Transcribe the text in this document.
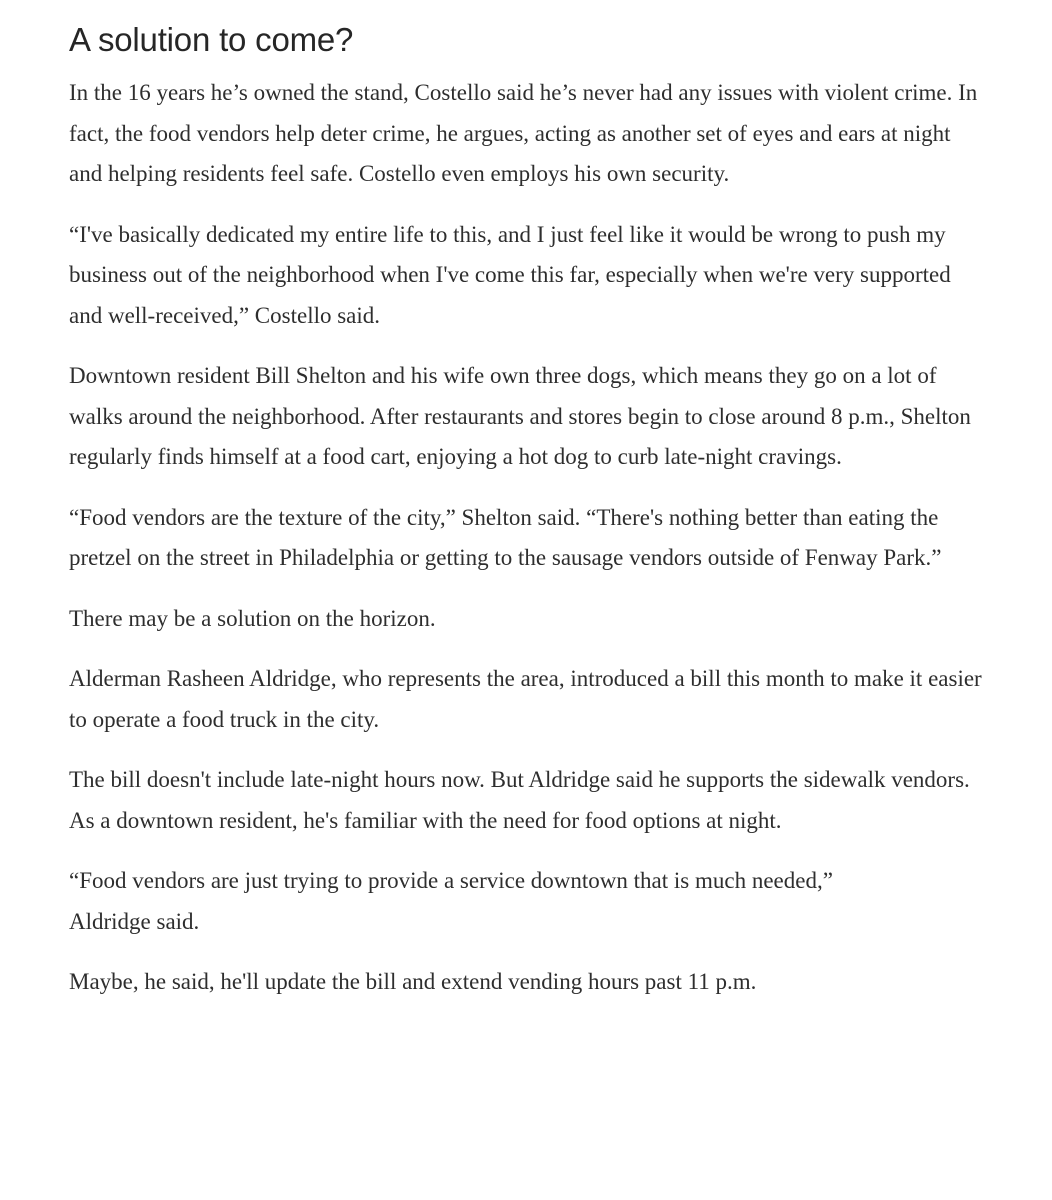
A solution to come?

In the 16 years he’s owned the stand, Costello said he’s never had any issues with violent crime. In fact, the food vendors help deter crime, he argues, acting as another set of eyes and ears at night and helping residents feel safe. Costello even employs his own security.

“I've basically dedicated my entire life to this, and I just feel like it would be wrong to push my business out of the neighborhood when I've come this far, especially when we're very supported and well-received,” Costello said.

Downtown resident Bill Shelton and his wife own three dogs, which means they go on a lot of walks around the neighborhood. After restaurants and stores begin to close around 8 p.m., Shelton regularly finds himself at a food cart, enjoying a hot dog to curb late-night cravings.

“Food vendors are the texture of the city,” Shelton said. “There's nothing better than eating the pretzel on the street in Philadelphia or getting to the sausage vendors outside of Fenway Park.”

There may be a solution on the horizon.

Alderman Rasheen Aldridge, who represents the area, introduced a bill this month to make it easier to operate a food truck in the city.

The bill doesn't include late-night hours now. But Aldridge said he supports the sidewalk vendors. As a downtown resident, he's familiar with the need for food options at night.

“Food vendors are just trying to provide a service downtown that is much needed,” Aldridge said.

Maybe, he said, he'll update the bill and extend vending hours past 11 p.m.
